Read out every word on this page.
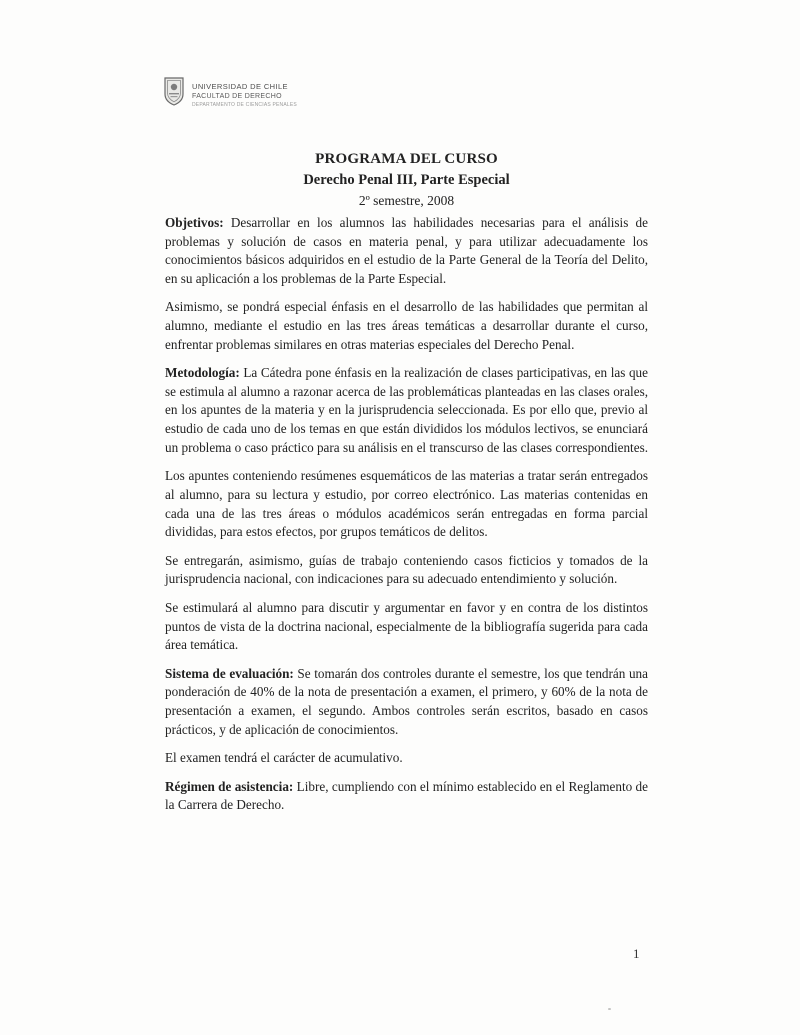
UNIVERSIDAD DE CHILE
FACULTAD DE DERECHO
DEPARTAMENTO DE CIENCIAS PENALES
PROGRAMA DEL CURSO
Derecho Penal III, Parte Especial
2º semestre, 2008

Objetivos: Desarrollar en los alumnos las habilidades necesarias para el análisis de problemas y solución de casos en materia penal, y para utilizar adecuadamente los conocimientos básicos adquiridos en el estudio de la Parte General de la Teoría del Delito, en su aplicación a los problemas de la Parte Especial.

Asimismo, se pondrá especial énfasis en el desarrollo de las habilidades que permitan al alumno, mediante el estudio en las tres áreas temáticas a desarrollar durante el curso, enfrentar problemas similares en otras materias especiales del Derecho Penal.

Metodología: La Cátedra pone énfasis en la realización de clases participativas, en las que se estimula al alumno a razonar acerca de las problemáticas planteadas en las clases orales, en los apuntes de la materia y en la jurisprudencia seleccionada. Es por ello que, previo al estudio de cada uno de los temas en que están divididos los módulos lectivos, se enunciará un problema o caso práctico para su análisis en el transcurso de las clases correspondientes.

Los apuntes conteniendo resúmenes esquemáticos de las materias a tratar serán entregados al alumno, para su lectura y estudio, por correo electrónico. Las materias contenidas en cada una de las tres áreas o módulos académicos serán entregadas en forma parcial divididas, para estos efectos, por grupos temáticos de delitos.

Se entregarán, asimismo, guías de trabajo conteniendo casos ficticios y tomados de la jurisprudencia nacional, con indicaciones para su adecuado entendimiento y solución.

Se estimulará al alumno para discutir y argumentar en favor y en contra de los distintos puntos de vista de la doctrina nacional, especialmente de la bibliografía sugerida para cada área temática.

Sistema de evaluación: Se tomarán dos controles durante el semestre, los que tendrán una ponderación de 40% de la nota de presentación a examen, el primero, y 60% de la nota de presentación a examen, el segundo. Ambos controles serán escritos, basado en casos prácticos, y de aplicación de conocimientos.

El examen tendrá el carácter de acumulativo.

Régimen de asistencia: Libre, cumpliendo con el mínimo establecido en el Reglamento de la Carrera de Derecho.

1
